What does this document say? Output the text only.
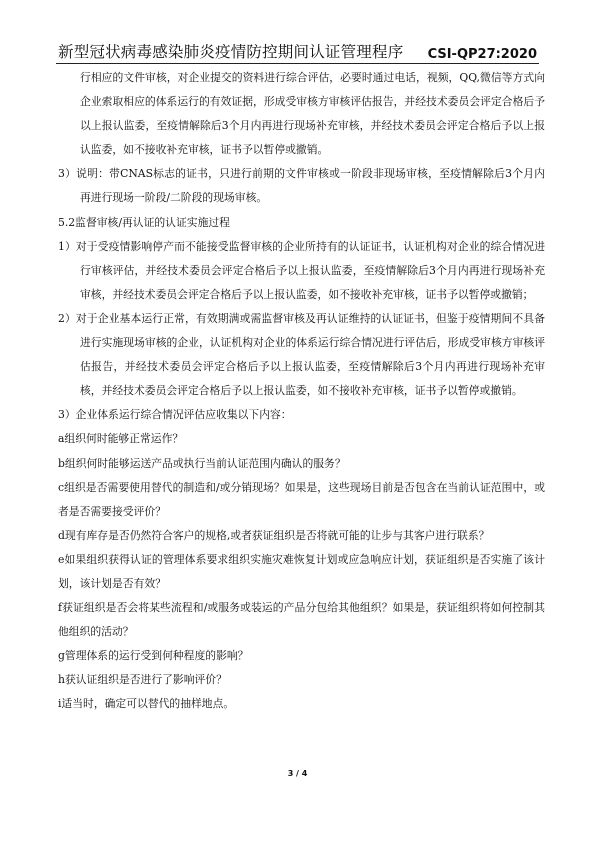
新型冠状病毒感染肺炎疫情防控期间认证管理程序 CSI-QP27:2020

行相应的文件审核，对企业提交的资料进行综合评估，必要时通过电话，视频，QQ,微信等方式向企业索取相应的体系运行的有效证据，形成受审核方审核评估报告，并经技术委员会评定合格后予以上报认监委，至疫情解除后3个月内再进行现场补充审核，并经技术委员会评定合格后予以上报认监委，如不接收补充审核，证书予以暂停或撤销。

3）说明：带CNAS标志的证书，只进行前期的文件审核或一阶段非现场审核，至疫情解除后3个月内再进行现场一阶段/二阶段的现场审核。

5.2监督审核/再认证的认证实施过程

1）对于受疫情影响停产而不能接受监督审核的企业所持有的认证证书，认证机构对企业的综合情况进行审核评估，并经技术委员会评定合格后予以上报认监委，至疫情解除后3个月内再进行现场补充审核，并经技术委员会评定合格后予以上报认监委，如不接收补充审核，证书予以暂停或撤销；

2）对于企业基本运行正常，有效期满或需监督审核及再认证维持的认证证书，但鉴于疫情期间不具备进行实施现场审核的企业，认证机构对企业的体系运行综合情况进行评估后，形成受审核方审核评估报告，并经技术委员会评定合格后予以上报认监委，至疫情解除后3个月内再进行现场补充审核，并经技术委员会评定合格后予以上报认监委，如不接收补充审核，证书予以暂停或撤销。

3）企业体系运行综合情况评估应收集以下内容：

a组织何时能够正常运作？

b组织何时能够运送产品或执行当前认证范围内确认的服务？

c组织是否需要使用替代的制造和/或分销现场？如果是，这些现场目前是否包含在当前认证范围中，或者是否需要接受评价？

d现有库存是否仍然符合客户的规格,或者获证组织是否将就可能的让步与其客户进行联系？

e如果组织获得认证的管理体系要求组织实施灾难恢复计划或应急响应计划，获证组织是否实施了该计划，该计划是否有效？

f获证组织是否会将某些流程和/或服务或装运的产品分包给其他组织？如果是，获证组织将如何控制其他组织的活动？

g管理体系的运行受到何种程度的影响？

h获认证组织是否进行了影响评价？

i适当时，确定可以替代的抽样地点。

3 / 4
